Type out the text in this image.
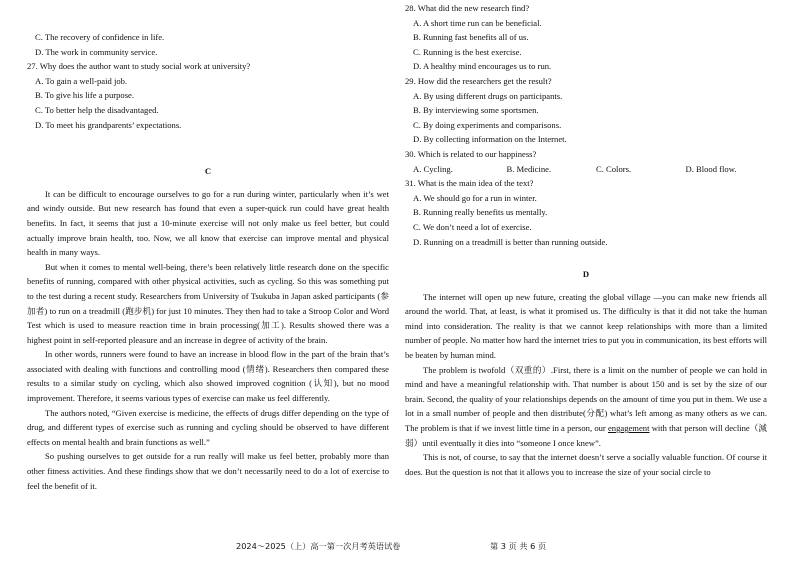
C. The recovery of confidence in life.
D. The work in community service.
27. Why does the author want to study social work at university?
A. To gain a well-paid job.
B. To give his life a purpose.
C. To better help the disadvantaged.
D. To meet his grandparents’ expectations.
C

It can be difficult to encourage ourselves to go for a run during winter, particularly when it’s wet and windy outside. But new research has found that even a super-quick run could have great health benefits. In fact, it seems that just a 10-minute exercise will not only make us feel better, but could actually improve brain health, too. Now, we all know that exercise can improve mental and physical health in many ways.

But when it comes to mental well-being, there’s been relatively little research done on the specific benefits of running, compared with other physical activities, such as cycling. So this was something put to the test during a recent study. Researchers from University of Tsukuba in Japan asked participants (参加者) to run on a treadmill (跑步机) for just 10 minutes. They then had to take a Stroop Color and Word Test which is used to measure reaction time in brain processing(加工). Results showed there was a highest point in self-reported pleasure and an increase in degree of activity of the brain.

In other words, runners were found to have an increase in blood flow in the part of the brain that’s associated with dealing with functions and controlling mood (情绪). Researchers then compared these results to a similar study on cycling, which also showed improved cognition (认知), but no mood improvement. Therefore, it seems various types of exercise can make us feel differently.

The authors noted, “Given exercise is medicine, the effects of drugs differ depending on the type of drug, and different types of exercise such as running and cycling should be observed to have different effects on mental health and brain functions as well.”

So pushing ourselves to get outside for a run really will make us feel better, probably more than other fitness activities. And these findings show that we don’t necessarily need to do a lot of exercise to feel the benefit of it.

28. What did the new research find?
A. A short time run can be beneficial.
B. Running fast benefits all of us.
C. Running is the best exercise.
D. A healthy mind encourages us to run.
29. How did the researchers get the result?
A. By using different drugs on participants.
B. By interviewing some sportsmen.
C. By doing experiments and comparisons.
D. By collecting information on the Internet.
30. Which is related to our happiness?
A. Cycling.	B. Medicine.	C. Colors.	D. Blood flow.
31. What is the main idea of the text?
A. We should go for a run in winter.
B. Running really benefits us mentally.
C. We don’t need a lot of exercise.
D. Running on a treadmill is better than running outside.
D

The internet will open up new future, creating the global village —you can make new friends all around the world. That, at least, is what it promised us. The difficulty is that it did not take the human mind into consideration. The reality is that we cannot keep relationships with more than a limited number of people. No matter how hard the internet tries to put you in communication, its best efforts will be beaten by human mind.

The problem is twofold（双重的）.First, there is a limit on the number of people we can hold in mind and have a meaningful relationship with. That number is about 150 and is set by the size of our brain. Second, the quality of your relationships depends on the amount of time you put in them. We use a lot in a small number of people and then distribute(分配) what’s left among as many others as we can. The problem is that if we invest little time in a person, our engagement with that person will decline（減弱）until eventually it dies into “someone I once knew”.

This is not, of course, to say that the internet doesn’t serve a socially valuable function. Of course it does. But the question is not that it allows you to increase the size of your social circle to

2024～2025（上）高一第一次月考英语试卷	第 3 页 共 6 页
